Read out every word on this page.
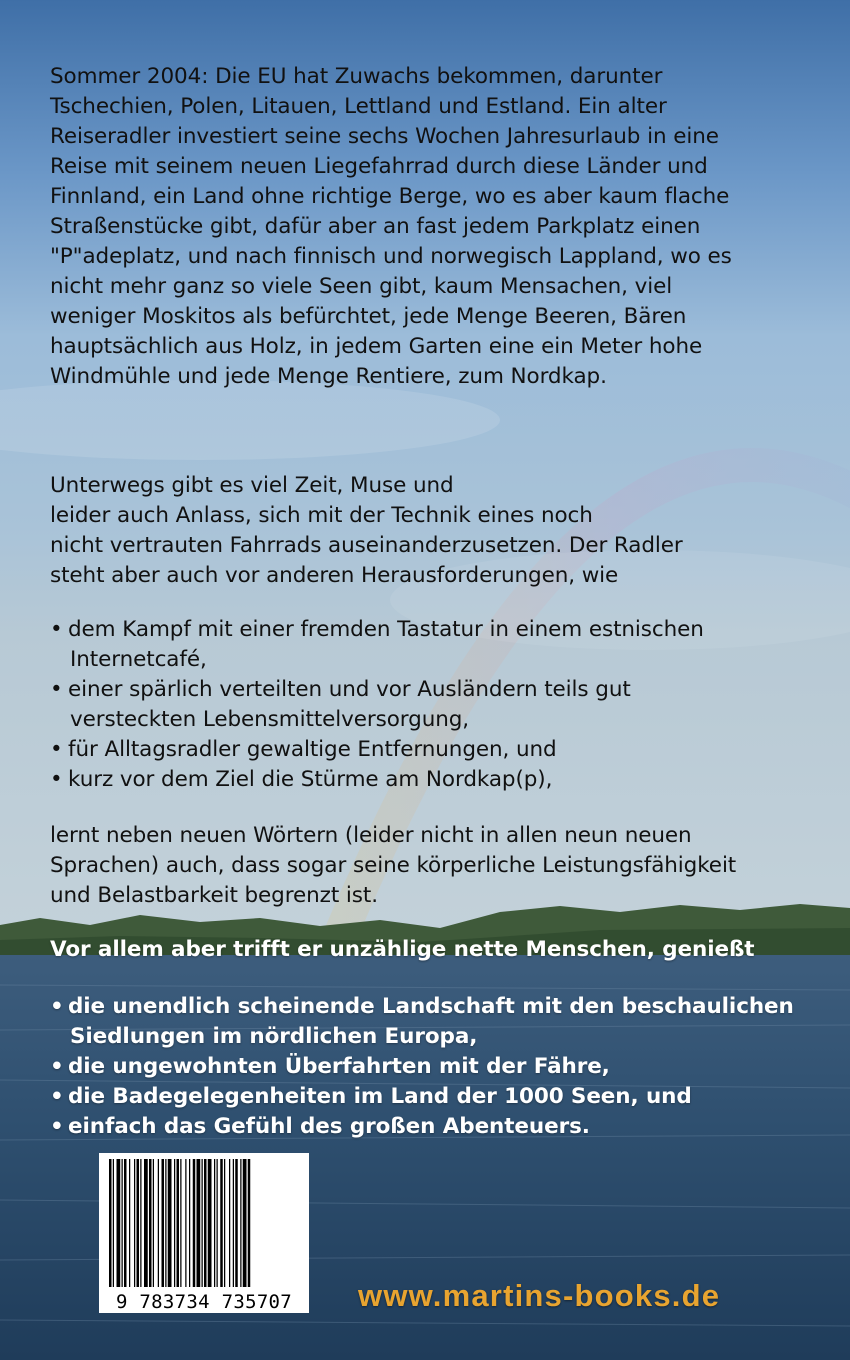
Sommer 2004: Die EU hat Zuwachs bekommen, darunter
Tschechien, Polen, Litauen, Lettland und Estland. Ein alter
Reiseradler investiert seine sechs Wochen Jahresurlaub in eine
Reise mit seinem neuen Liegefahrrad durch diese Länder und
Finnland, ein Land ohne richtige Berge, wo es aber kaum flache
Straßenstücke gibt, dafür aber an fast jedem Parkplatz einen
"P"adeplatz, und nach finnisch und norwegisch Lappland, wo es
nicht mehr ganz so viele Seen gibt, kaum Mensachen, viel
weniger Moskitos als befürchtet, jede Menge Beeren, Bären
hauptsächlich aus Holz, in jedem Garten eine ein Meter hohe
Windmühle und jede Menge Rentiere, zum Nordkap.
Unterwegs gibt es viel Zeit, Muse und
leider auch Anlass, sich mit der Technik eines noch
nicht vertrauten Fahrrads auseinanderzusetzen. Der Radler
steht aber auch vor anderen Herausforderungen, wie
• dem Kampf mit einer fremden Tastatur in einem estnischen
Internetcafé,
• einer spärlich verteilten und vor Ausländern teils gut
versteckten Lebensmittelversorgung,
• für Alltagsradler gewaltige Entfernungen, und
• kurz vor dem Ziel die Stürme am Nordkap(p),
lernt neben neuen Wörtern (leider nicht in allen neun neuen
Sprachen) auch, dass sogar seine körperliche Leistungsfähigkeit
und Belastbarkeit begrenzt ist.
Vor allem aber trifft er unzählige nette Menschen, genießt
• die unendlich scheinende Landschaft mit den beschaulichen
Siedlungen im nördlichen Europa,
• die ungewohnten Überfahrten mit der Fähre,
• die Badegelegenheiten im Land der 1000 Seen, und
• einfach das Gefühl des großen Abenteuers.
9 783734 735707	www.martins-books.de
